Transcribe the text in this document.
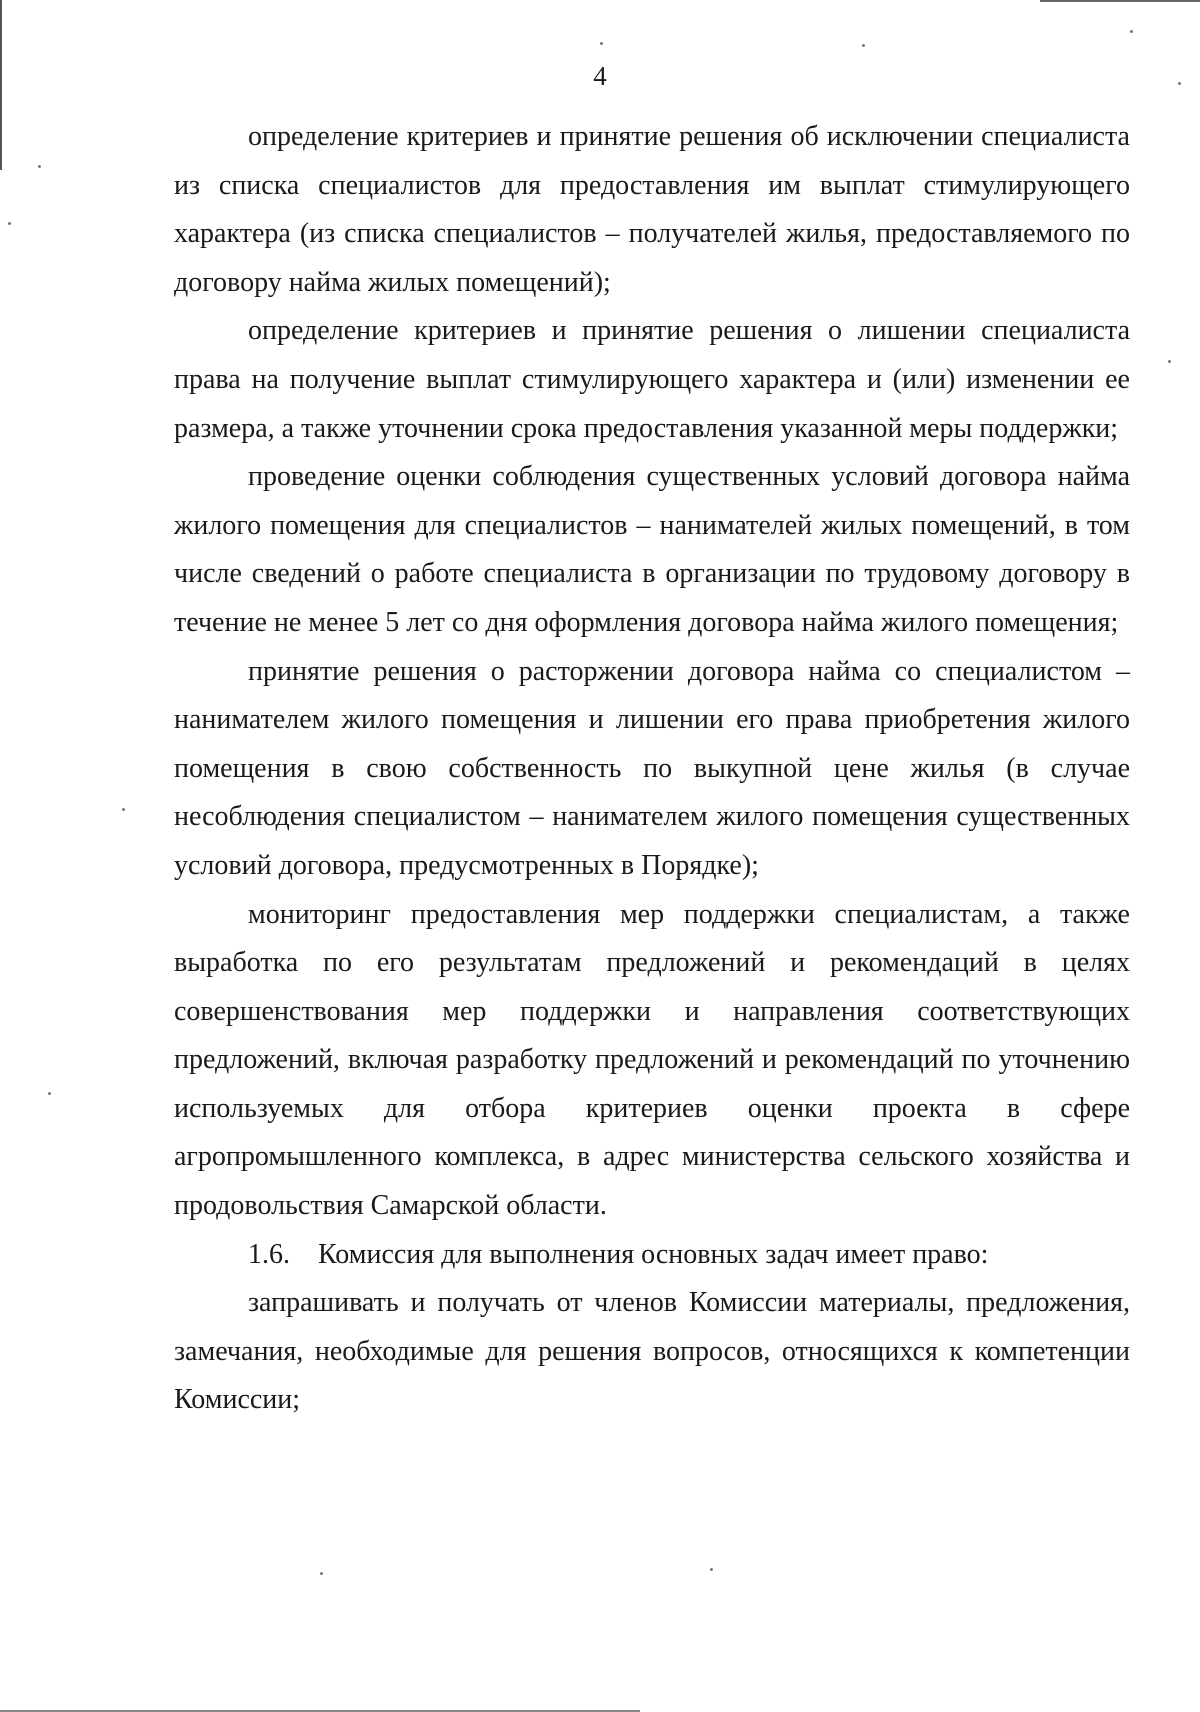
4

определение критериев и принятие решения об исключении специалиста из списка специалистов для предоставления им выплат стимулирующего характера (из списка специалистов – получателей жилья, предоставляемого по договору найма жилых помещений);

определение критериев и принятие решения о лишении специалиста права на получение выплат стимулирующего характера и (или) изменении ее размера, а также уточнении срока предоставления указанной меры поддержки;

проведение оценки соблюдения существенных условий договора найма жилого помещения для специалистов – нанимателей жилых помещений, в том числе сведений о работе специалиста в организации по трудовому договору в течение не менее 5 лет со дня оформления договора найма жилого помещения;

принятие решения о расторжении договора найма со специалистом – нанимателем жилого помещения и лишении его права приобретения жилого помещения в свою собственность по выкупной цене жилья (в случае несоблюдения специалистом – нанимателем жилого помещения существенных условий договора, предусмотренных в Порядке);

мониторинг предоставления мер поддержки специалистам, а также выработка по его результатам предложений и рекомендаций в целях совершенствования мер поддержки и направления соответствующих предложений, включая разработку предложений и рекомендаций по уточнению используемых для отбора критериев оценки проекта в сфере агропромышленного комплекса, в адрес министерства сельского хозяйства и продовольствия Самарской области.

1.6.    Комиссия для выполнения основных задач имеет право:

запрашивать и получать от членов Комиссии материалы, предложения, замечания, необходимые для решения вопросов, относящихся к компетенции Комиссии;
